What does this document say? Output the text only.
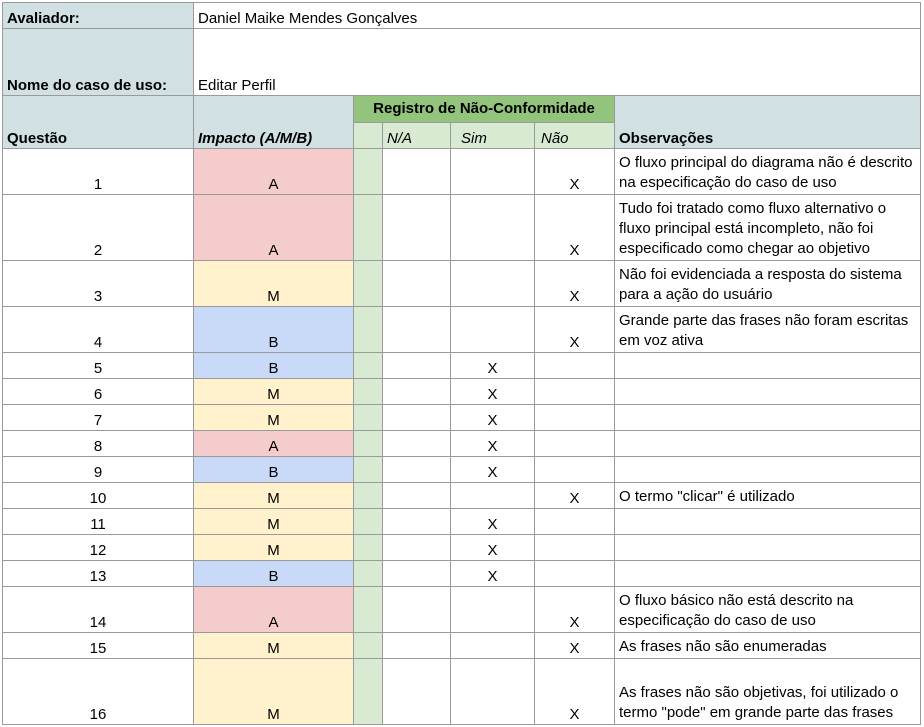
Avaliador:	Daniel Maike Mendes Gonçalves					
Nome do caso de uso:	Editar Perfil					
Questão	Impacto (A/M/B)	Registro de Não-Conformidade				Observações
			N/A	Sim	Não	
1	A				X	O fluxo principal do diagrama não é descrito na especificação do caso de uso
2	A				X	Tudo foi tratado como fluxo alternativo o fluxo principal está incompleto, não foi especificado como chegar ao objetivo
3	M				X	Não foi evidenciada a resposta do sistema para a ação do usuário
4	B				X	Grande parte das frases não foram escritas em voz ativa
5	B			X		
6	M			X		
7	M			X		
8	A			X		
9	B			X		
10	M				X	O termo "clicar" é utilizado
11	M			X		
12	M			X		
13	B			X		
14	A				X	O fluxo básico não está descrito na especificação do caso de uso
15	M				X	As frases não são enumeradas
16	M				X	As frases não são objetivas, foi utilizado o termo "pode" em grande parte das frases
